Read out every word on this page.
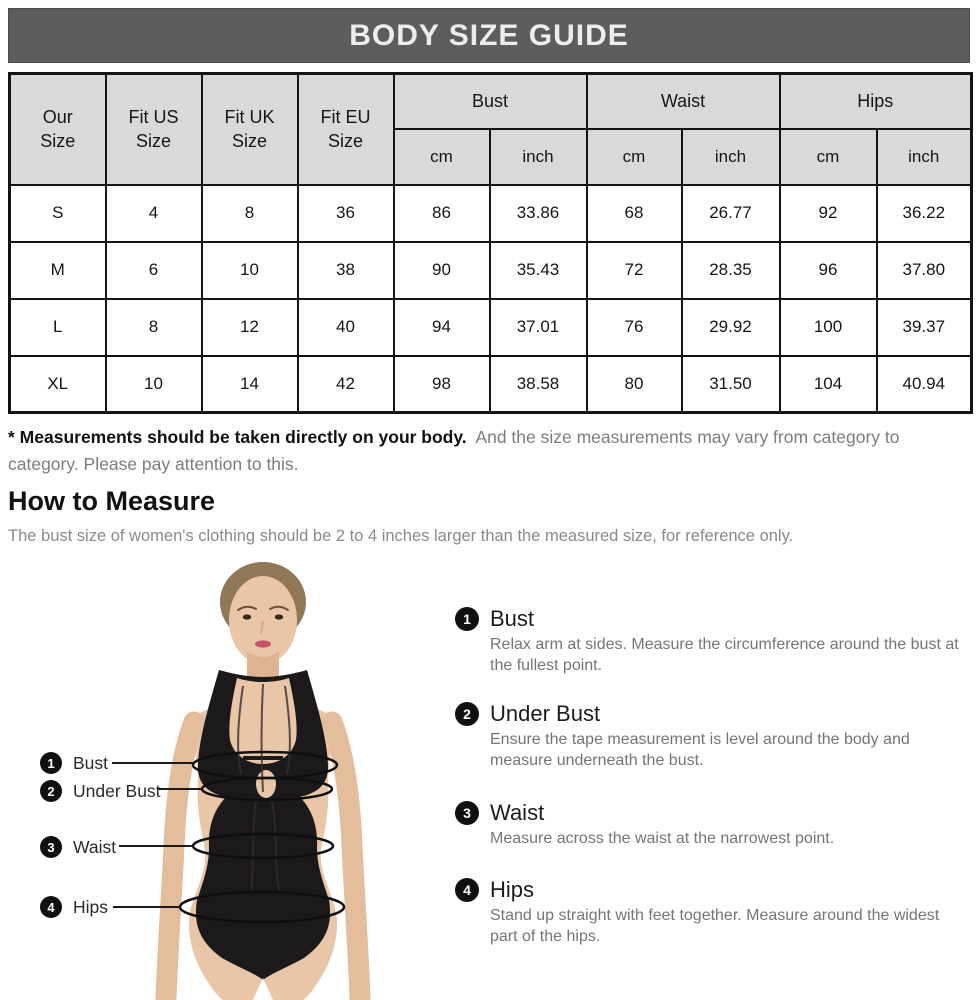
BODY SIZE GUIDE
Our Size	Fit US Size	Fit UK Size	Fit EU Size	Bust		Waist		Hips	
				cm	inch	cm	inch	cm	inch
S	4	8	36	86	33.86	68	26.77	92	36.22
M	6	10	38	90	35.43	72	28.35	96	37.80
L	8	12	40	94	37.01	76	29.92	100	39.37
XL	10	14	42	98	38.58	80	31.50	104	40.94

* Measurements should be taken directly on your body. And the size measurements may vary from category to category. Please pay attention to this.

How to Measure

The bust size of women's clothing should be 2 to 4 inches larger than the measured size, for reference only.

1	Bust
2	Under Bust
3	Waist
4	Hips
1 Bust
Relax arm at sides. Measure the circumference around the bust at the fullest point.
2 Under Bust
Ensure the tape measurement is level around the body and measure underneath the bust.
3 Waist
Measure across the waist at the narrowest point.
4 Hips
Stand up straight with feet together. Measure around the widest part of the hips.
